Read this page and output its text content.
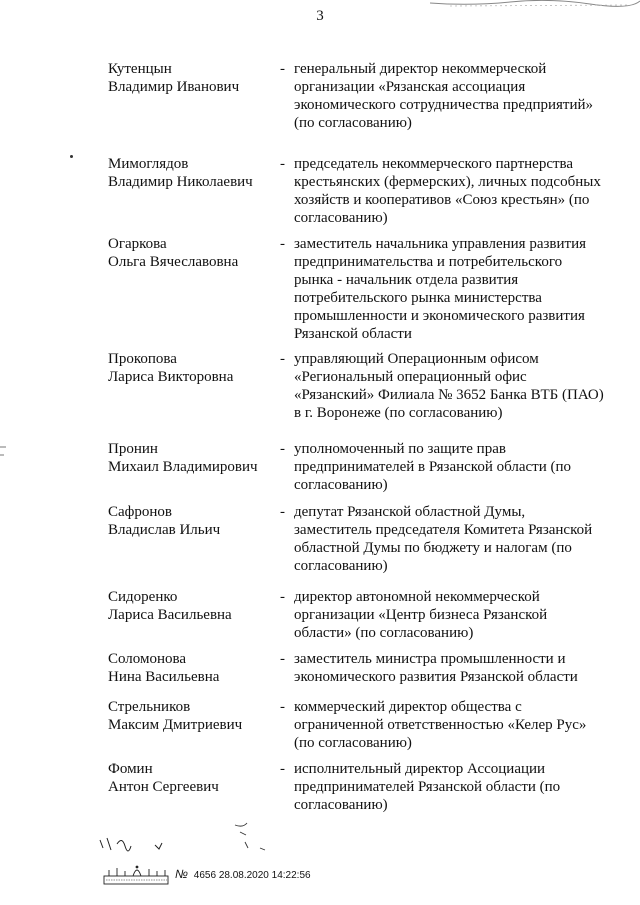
3
Кутенцын
Владимир Иванович
- генеральный директор некоммерческой
организации «Рязанская ассоциация
экономического сотрудничества предприятий»
(по согласованию)
Мимоглядов
Владимир Николаевич
- председатель некоммерческого партнерства
крестьянских (фермерских), личных подсобных
хозяйств и кооперативов «Союз крестьян» (по
согласованию)
Огаркова
Ольга Вячеславовна
- заместитель начальника управления развития
предпринимательства и потребительского
рынка - начальник отдела развития
потребительского рынка министерства
промышленности и экономического развития
Рязанской области
Прокопова
Лариса Викторовна
- управляющий Операционным офисом
«Региональный операционный офис
«Рязанский» Филиала № 3652 Банка ВТБ (ПАО)
в г. Воронеже (по согласованию)
Пронин
Михаил Владимирович
- уполномоченный по защите прав
предпринимателей в Рязанской области (по
согласованию)
Сафронов
Владислав Ильич
- депутат Рязанской областной Думы,
заместитель председателя Комитета Рязанской
областной Думы по бюджету и налогам (по
согласованию)
Сидоренко
Лариса Васильевна
- директор автономной некоммерческой
организации «Центр бизнеса Рязанской
области» (по согласованию)
Соломонова
Нина Васильевна
- заместитель министра промышленности и
экономического развития Рязанской области
Стрельников
Максим Дмитриевич
- коммерческий директор общества с
ограниченной ответственностью «Келер Рус»
(по согласованию)
Фомин
Антон Сергеевич
- исполнительный директор Ассоциации
предпринимателей Рязанской области (по
согласованию)
№ 4656 28.08.2020 14:22:56
